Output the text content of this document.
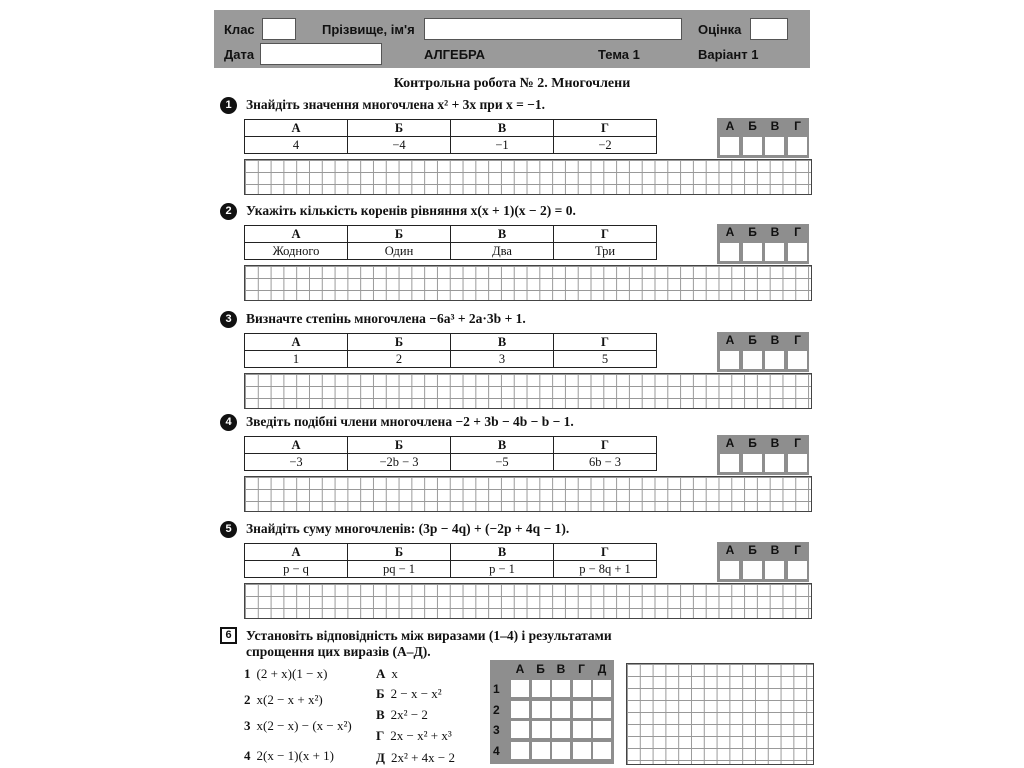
Клас	Прізвище, ім'я	Оцінка
Дата	АЛГЕБРА	Тема 1	Варіант 1
Контрольна робота № 2. Многочлени
1	Знайдіть значення многочлена x² + 3x при x = −1.
А	Б	В	Г
4	−4	−1	−2
А	Б	В	Г
2	Укажіть кількість коренів рівняння x(x + 1)(x − 2) = 0.
А	Б	В	Г
Жодного	Один	Два	Три
А	Б	В	Г
3	Визначте степінь многочлена −6a³ + 2a·3b + 1.
А	Б	В	Г
1	2	3	5
А	Б	В	Г
4	Зведіть подібні члени многочлена −2 + 3b − 4b − b − 1.
А	Б	В	Г
−3	−2b − 3	−5	6b − 3
А	Б	В	Г
5	Знайдіть суму многочленів: (3p − 4q) + (−2p + 4q − 1).
А	Б	В	Г
p − q	pq − 1	p − 1	p − 8q + 1
А	Б	В	Г
6	Установіть відповідність між виразами (1–4) і результатами
спрощення цих виразів (А–Д).
1 (2 + x)(1 − x)
2 x(2 − x + x²)
3 x(2 − x) − (x − x²)
4 2(x − 1)(x + 1)
А x
Б 2 − x − x²
В 2x² − 2
Г 2x − x² + x³
Д 2x² + 4x − 2
А Б В	Г	Д
1
2
3
4
